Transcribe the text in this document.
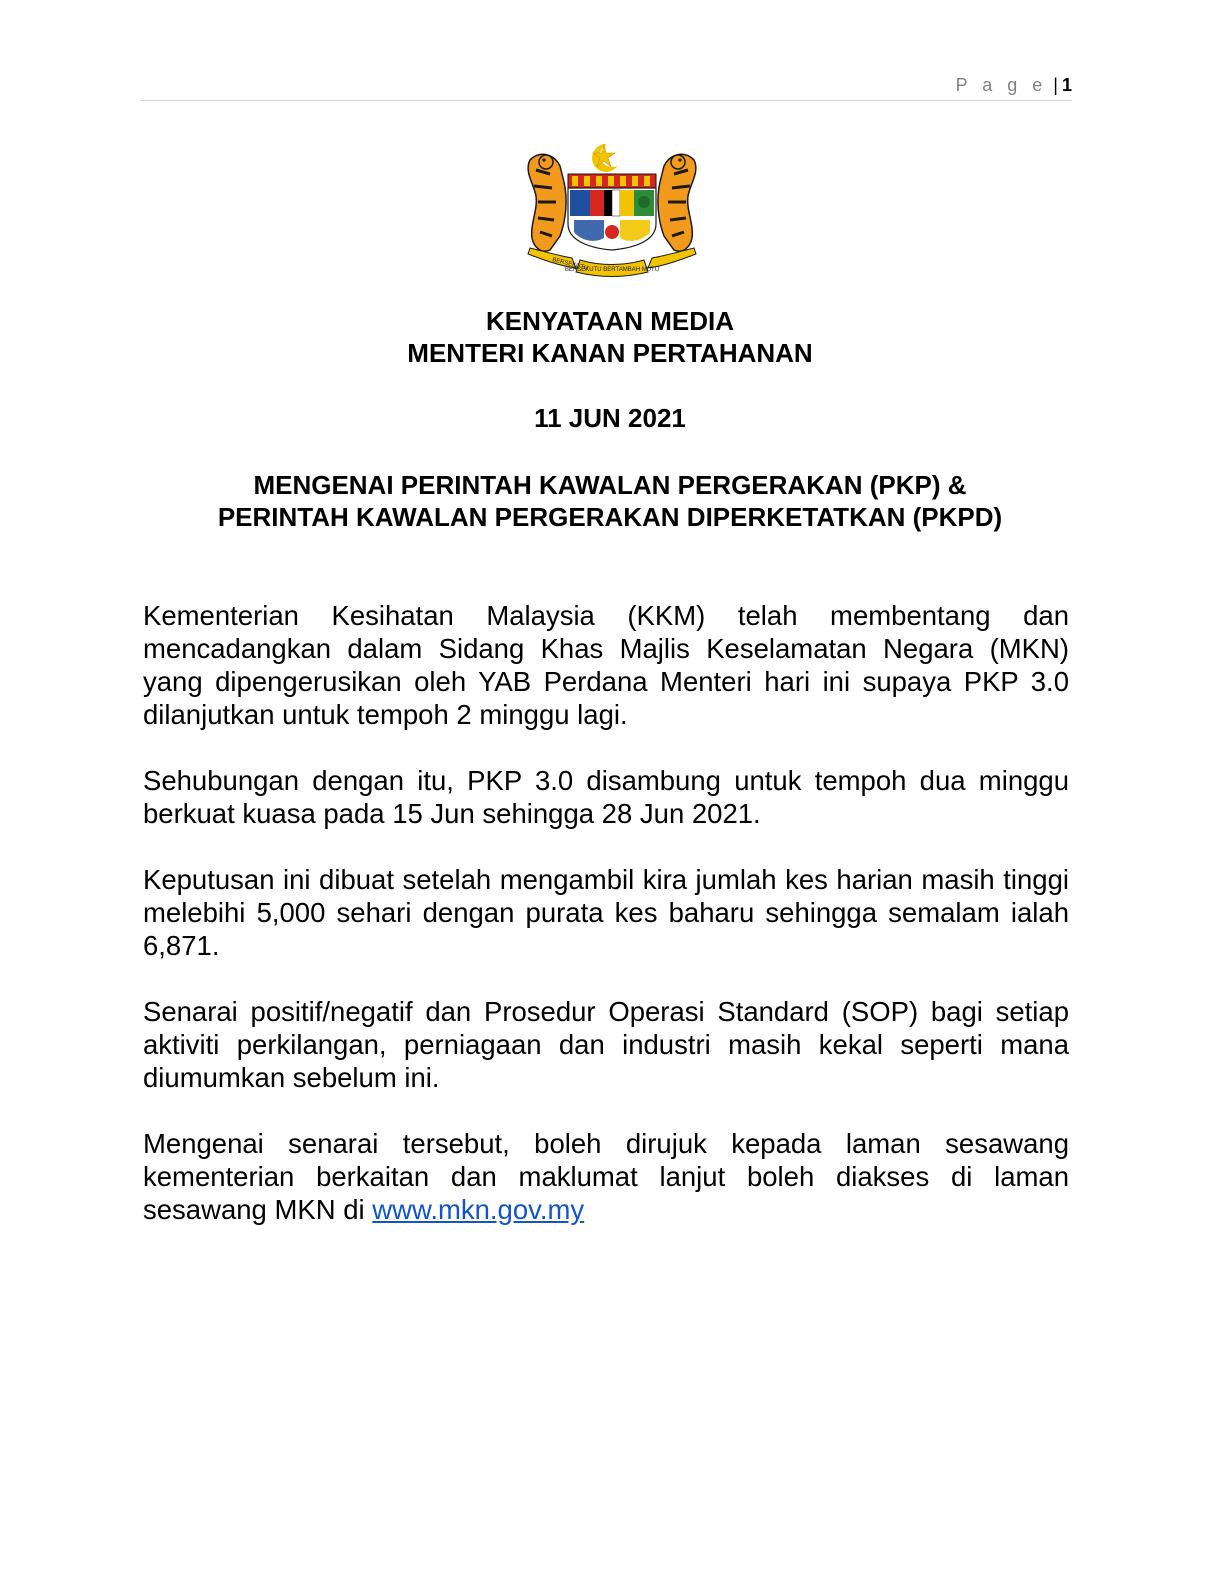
P a g e | 1
BERSEKUTU
BERSEKUTU BERTAMBAH MUTU
KENYATAAN MEDIA
MENTERI KANAN PERTAHANAN
11 JUN 2021
MENGENAI PERINTAH KAWALAN PERGERAKAN (PKP) &
PERINTAH KAWALAN PERGERAKAN DIPERKETATKAN (PKPD)

Kementerian Kesihatan Malaysia (KKM) telah membentang dan mencadangkan dalam Sidang Khas Majlis Keselamatan Negara (MKN) yang dipengerusikan oleh YAB Perdana Menteri hari ini supaya PKP 3.0 dilanjutkan untuk tempoh 2 minggu lagi.

Sehubungan dengan itu, PKP 3.0 disambung untuk tempoh dua minggu berkuat kuasa pada 15 Jun sehingga 28 Jun 2021.

Keputusan ini dibuat setelah mengambil kira jumlah kes harian masih tinggi melebihi 5,000 sehari dengan purata kes baharu sehingga semalam ialah 6,871.

Senarai positif/negatif dan Prosedur Operasi Standard (SOP) bagi setiap aktiviti perkilangan, perniagaan dan industri masih kekal seperti mana diumumkan sebelum ini.

Mengenai senarai tersebut, boleh dirujuk kepada laman sesawang kementerian berkaitan dan maklumat lanjut boleh diakses di laman sesawang MKN di www.mkn.gov.my
